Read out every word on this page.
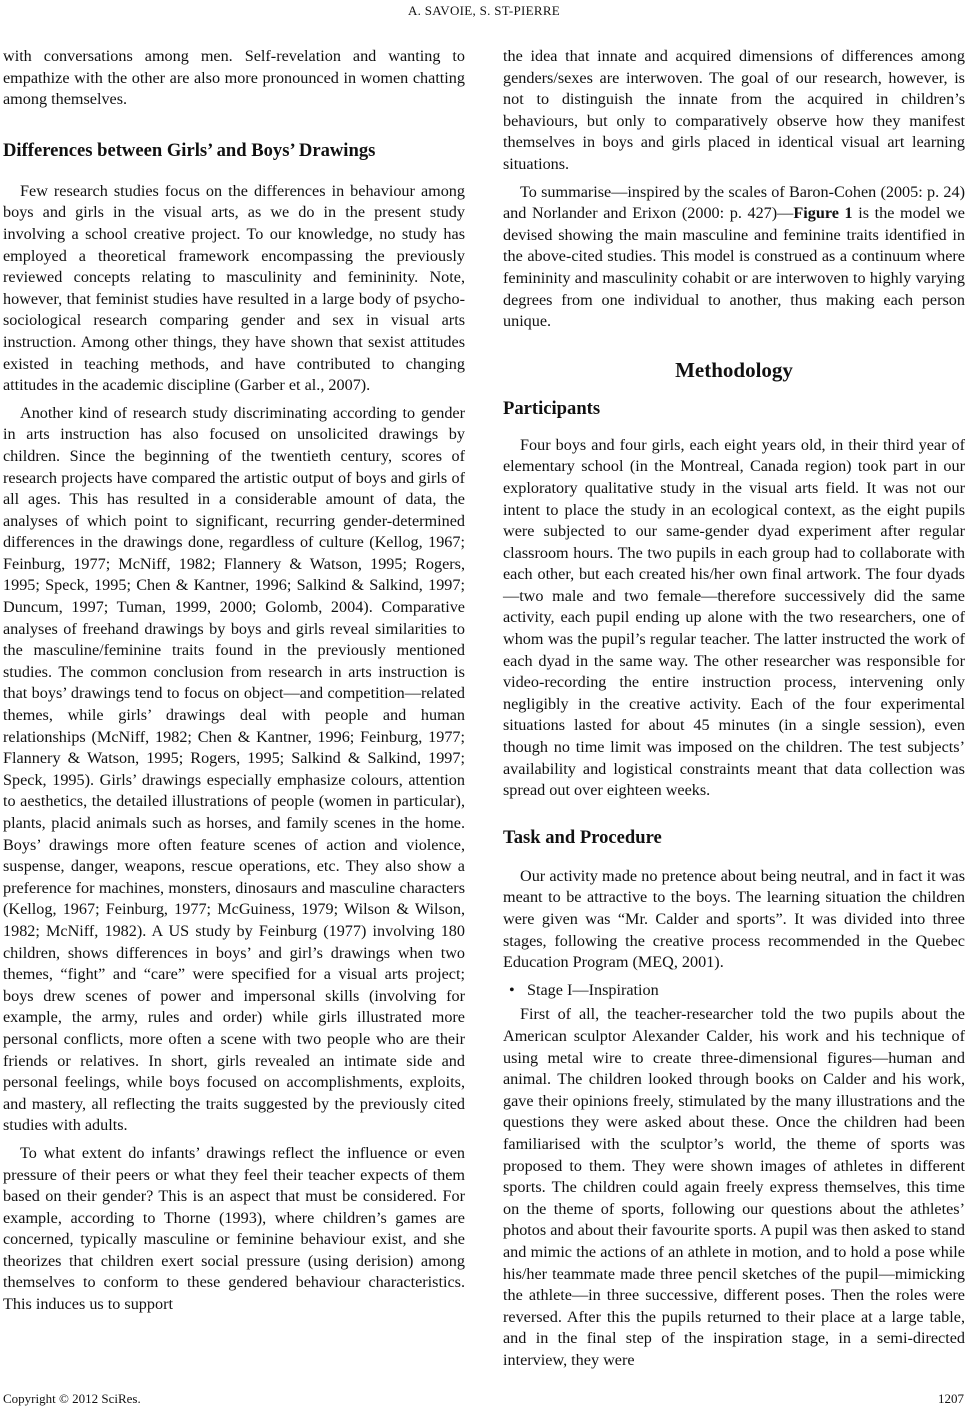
A. SAVOIE, S. ST-PIERRE

with conversations among men. Self-revelation and wanting to empathize with the other are also more pronounced in women chatting among themselves.

Differences between Girls’ and Boys’ Drawings

Few research studies focus on the differences in behaviour among boys and girls in the visual arts, as we do in the present study involving a school creative project. To our knowledge, no study has employed a theoretical framework encompassing the previously reviewed concepts relating to masculinity and femininity. Note, however, that feminist studies have resulted in a large body of psycho-sociological research comparing gender and sex in visual arts instruction. Among other things, they have shown that sexist attitudes existed in teaching methods, and have contributed to changing attitudes in the academic discipline (Garber et al., 2007).

Another kind of research study discriminating according to gender in arts instruction has also focused on unsolicited drawings by children. Since the beginning of the twentieth century, scores of research projects have compared the artistic output of boys and girls of all ages. This has resulted in a considerable amount of data, the analyses of which point to significant, recurring gender-determined differences in the drawings done, regardless of culture (Kellog, 1967; Feinburg, 1977; McNiff, 1982; Flannery & Watson, 1995; Rogers, 1995; Speck, 1995; Chen & Kantner, 1996; Salkind & Salkind, 1997; Duncum, 1997; Tuman, 1999, 2000; Golomb, 2004). Comparative analyses of freehand drawings by boys and girls reveal similarities to the masculine/feminine traits found in the previously mentioned studies. The common conclusion from research in arts instruction is that boys’ drawings tend to focus on object—and competition—related themes, while girls’ drawings deal with people and human relationships (McNiff, 1982; Chen & Kantner, 1996; Feinburg, 1977; Flannery & Watson, 1995; Rogers, 1995; Salkind & Salkind, 1997; Speck, 1995). Girls’ drawings especially emphasize colours, attention to aesthetics, the detailed illustrations of people (women in particular), plants, placid animals such as horses, and family scenes in the home. Boys’ drawings more often feature scenes of action and violence, suspense, danger, weapons, rescue operations, etc. They also show a preference for machines, monsters, dinosaurs and masculine characters (Kellog, 1967; Feinburg, 1977; McGuiness, 1979; Wilson & Wilson, 1982; McNiff, 1982). A US study by Feinburg (1977) involving 180 children, shows differences in boys’ and girl’s drawings when two themes, “fight” and “care” were specified for a visual arts project; boys drew scenes of power and impersonal skills (involving for example, the army, rules and order) while girls illustrated more personal conflicts, more often a scene with two people who are their friends or relatives. In short, girls revealed an intimate side and personal feelings, while boys focused on accomplishments, exploits, and mastery, all reflecting the traits suggested by the previously cited studies with adults.

To what extent do infants’ drawings reflect the influence or even pressure of their peers or what they feel their teacher expects of them based on their gender? This is an aspect that must be considered. For example, according to Thorne (1993), where children’s games are concerned, typically masculine or feminine behaviour exist, and she theorizes that children exert social pressure (using derision) among themselves to conform to these gendered behaviour characteristics. This induces us to support

the idea that innate and acquired dimensions of differences among genders/sexes are interwoven. The goal of our research, however, is not to distinguish the innate from the acquired in children’s behaviours, but only to comparatively observe how they manifest themselves in boys and girls placed in identical visual art learning situations.

To summarise—inspired by the scales of Baron-Cohen (2005: p. 24) and Norlander and Erixon (2000: p. 427)—Figure 1 is the model we devised showing the main masculine and feminine traits identified in the above-cited studies. This model is construed as a continuum where femininity and masculinity cohabit or are interwoven to highly varying degrees from one individual to another, thus making each person unique.

Methodology
Participants

Four boys and four girls, each eight years old, in their third year of elementary school (in the Montreal, Canada region) took part in our exploratory qualitative study in the visual arts field. It was not our intent to place the study in an ecological context, as the eight pupils were subjected to our same-gender dyad experiment after regular classroom hours. The two pupils in each group had to collaborate with each other, but each created his/her own final artwork. The four dyads—two male and two female—therefore successively did the same activity, each pupil ending up alone with the two researchers, one of whom was the pupil’s regular teacher. The latter instructed the work of each dyad in the same way. The other researcher was responsible for video-recording the entire instruction process, intervening only negligibly in the creative activity. Each of the four experimental situations lasted for about 45 minutes (in a single session), even though no time limit was imposed on the children. The test subjects’ availability and logistical constraints meant that data collection was spread out over eighteen weeks.

Task and Procedure

Our activity made no pretence about being neutral, and in fact it was meant to be attractive to the boys. The learning situation the children were given was “Mr. Calder and sports”. It was divided into three stages, following the creative process recommended in the Quebec Education Program (MEQ, 2001).

• Stage I—Inspiration

First of all, the teacher-researcher told the two pupils about the American sculptor Alexander Calder, his work and his technique of using metal wire to create three-dimensional figures—human and animal. The children looked through books on Calder and his work, gave their opinions freely, stimulated by the many illustrations and the questions they were asked about these. Once the children had been familiarised with the sculptor’s world, the theme of sports was proposed to them. They were shown images of athletes in different sports. The children could again freely express themselves, this time on the theme of sports, following our questions about the athletes’ photos and about their favourite sports. A pupil was then asked to stand and mimic the actions of an athlete in motion, and to hold a pose while his/her teammate made three pencil sketches of the pupil—mimicking the athlete—in three successive, different poses. Then the roles were reversed. After this the pupils returned to their place at a large table, and in the final step of the inspiration stage, in a semi-directed interview, they were

Copyright © 2012 SciRes.	1207
